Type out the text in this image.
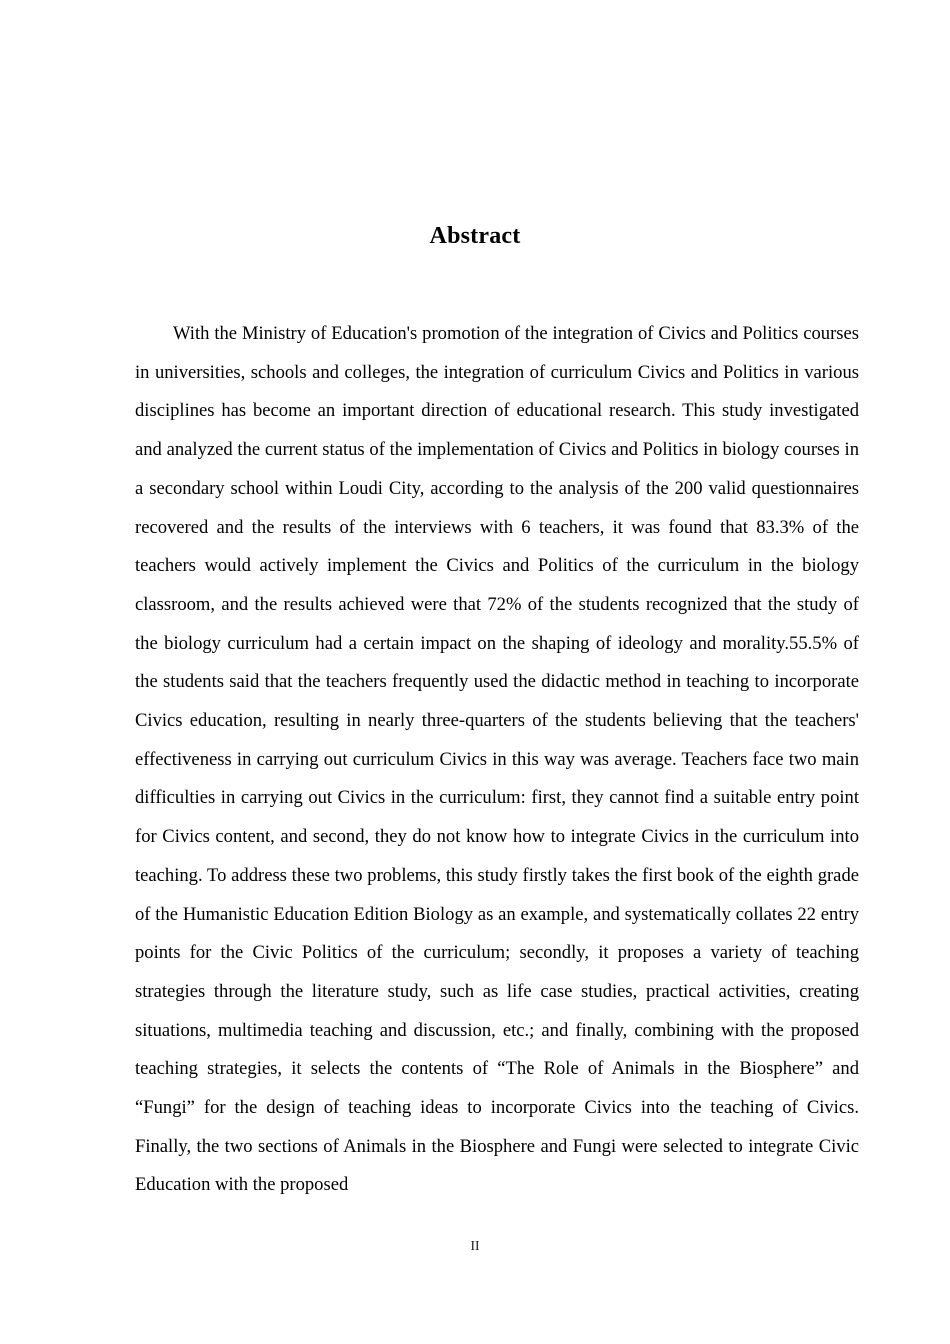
Abstract

With the Ministry of Education's promotion of the integration of Civics and Politics courses in universities, schools and colleges, the integration of curriculum Civics and Politics in various disciplines has become an important direction of educational research. This study investigated and analyzed the current status of the implementation of Civics and Politics in biology courses in a secondary school within Loudi City, according to the analysis of the 200 valid questionnaires recovered and the results of the interviews with 6 teachers, it was found that 83.3% of the teachers would actively implement the Civics and Politics of the curriculum in the biology classroom, and the results achieved were that 72% of the students recognized that the study of the biology curriculum had a certain impact on the shaping of ideology and morality.55.5% of the students said that the teachers frequently used the didactic method in teaching to incorporate Civics education, resulting in nearly three-quarters of the students believing that the teachers' effectiveness in carrying out curriculum Civics in this way was average. Teachers face two main difficulties in carrying out Civics in the curriculum: first, they cannot find a suitable entry point for Civics content, and second, they do not know how to integrate Civics in the curriculum into teaching. To address these two problems, this study firstly takes the first book of the eighth grade of the Humanistic Education Edition Biology as an example, and systematically collates 22 entry points for the Civic Politics of the curriculum; secondly, it proposes a variety of teaching strategies through the literature study, such as life case studies, practical activities, creating situations, multimedia teaching and discussion, etc.; and finally, combining with the proposed teaching strategies, it selects the contents of “The Role of Animals in the Biosphere” and “Fungi” for the design of teaching ideas to incorporate Civics into the teaching of Civics. Finally, the two sections of Animals in the Biosphere and Fungi were selected to integrate Civic Education with the proposed

II
